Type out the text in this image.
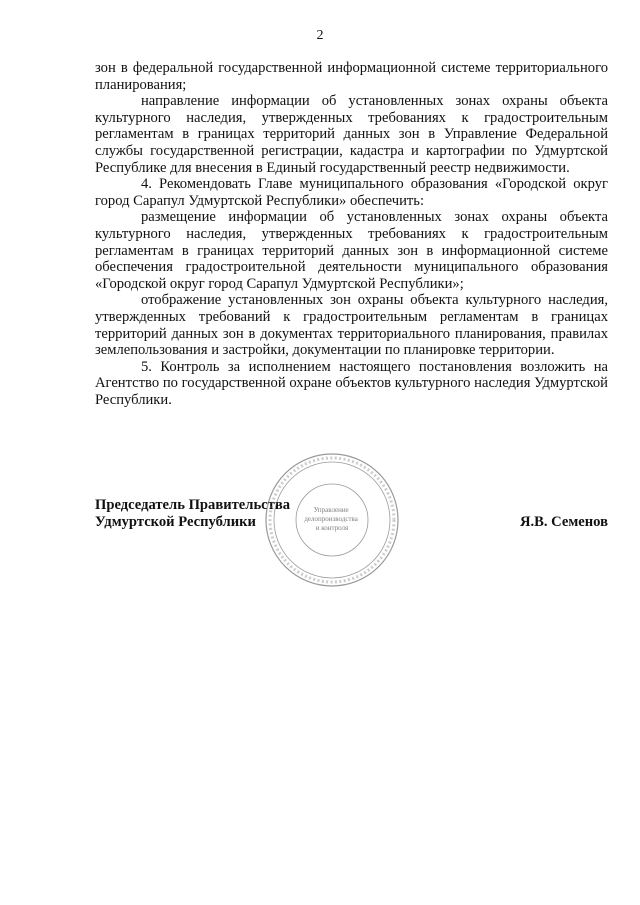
2

зон в федеральной государственной информационной системе территориального планирования;

направление информации об установленных зонах охраны объекта культурного наследия, утвержденных требованиях к градостроительным регламентам в границах территорий данных зон в Управление Федеральной службы государственной регистрации, кадастра и картографии по Удмуртской Республике для внесения в Единый государственный реестр недвижимости.

4. Рекомендовать Главе муниципального образования «Городской округ город Сарапул Удмуртской Республики» обеспечить:

размещение информации об установленных зонах охраны объекта культурного наследия, утвержденных требованиях к градостроительным регламентам в границах территорий данных зон в информационной системе обеспечения градостроительной деятельности муниципального образования «Городской округ город Сарапул Удмуртской Республики»;

отображение установленных зон охраны объекта культурного наследия, утвержденных требований к градостроительным регламентам в границах территорий данных зон в документах территориального планирования, правилах землепользования и застройки, документации по планировке территории.

5. Контроль за исполнением настоящего постановления возложить на Агентство по государственной охране объектов культурного наследия Удмуртской Республики.

Председатель Правительства
Удмуртской Республики	Я.В. Семенов
Управление делопроизводства и контроля
